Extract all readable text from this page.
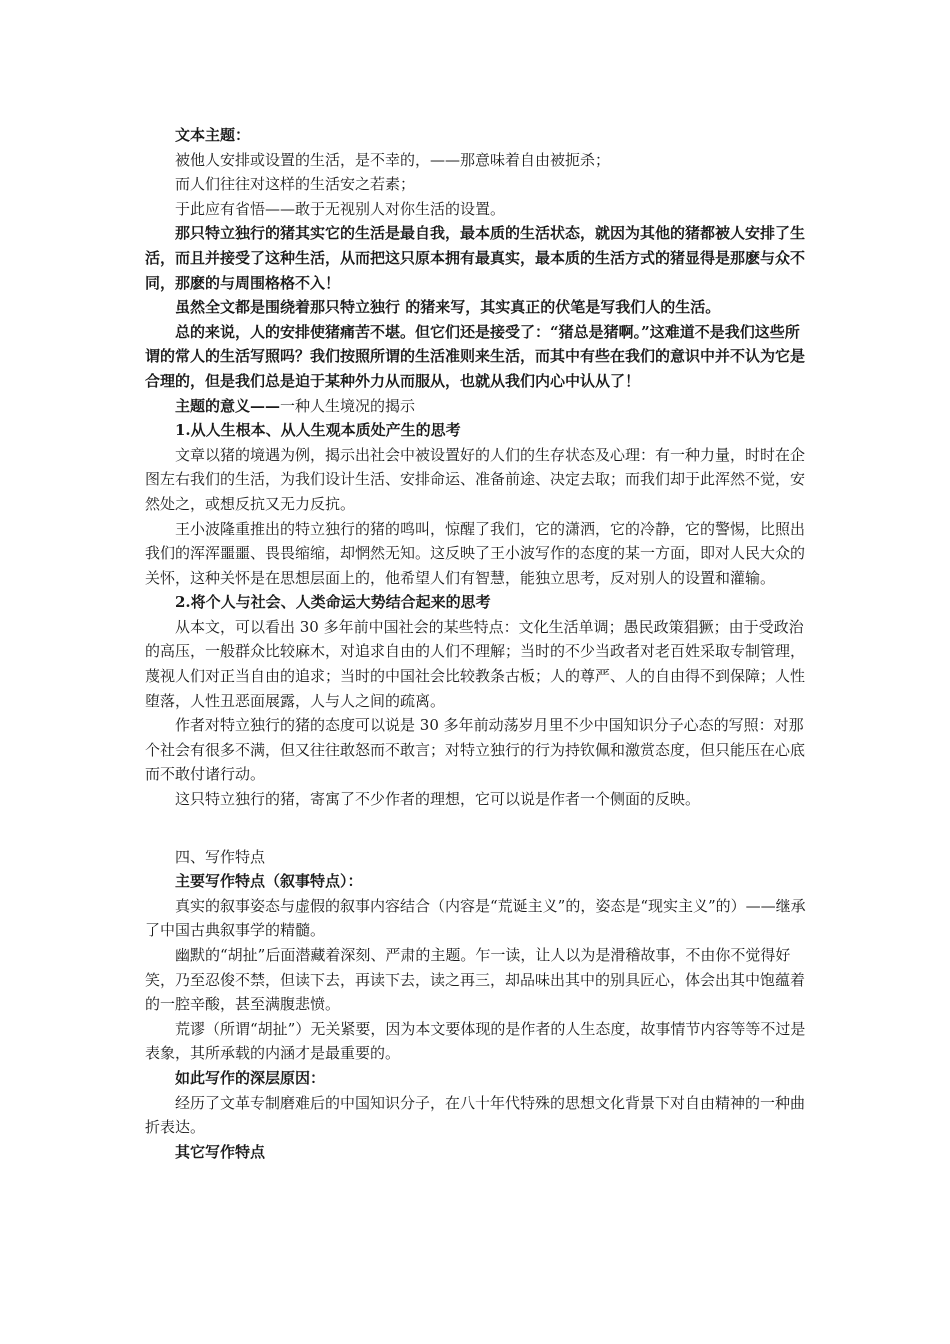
文本主题：

被他人安排或设置的生活，是不幸的，——那意味着自由被扼杀；

而人们往往对这样的生活安之若素；

于此应有省悟——敢于无视别人对你生活的设置。

那只特立独行的猪其实它的生活是最自我，最本质的生活状态，就因为其他的猪都被人安排了生活，而且并接受了这种生活，从而把这只原本拥有最真实，最本质的生活方式的猪显得是那麽与众不同，那麽的与周围格格不入！

虽然全文都是围绕着那只特立独行 的猪来写，其实真正的伏笔是写我们人的生活。

总的来说，人的安排使猪痛苦不堪。但它们还是接受了：“猪总是猪啊。”这难道不是我们这些所谓的常人的生活写照吗？我们按照所谓的生活准则来生活，而其中有些在我们的意识中并不认为它是合理的，但是我们总是迫于某种外力从而服从，也就从我们内心中认从了！

主题的意义——一种人生境况的揭示

1.从人生根本、从人生观本质处产生的思考

文章以猪的境遇为例，揭示出社会中被设置好的人们的生存状态及心理：有一种力量，时时在企图左右我们的生活，为我们设计生活、安排命运、准备前途、决定去取；而我们却于此浑然不觉，安然处之，或想反抗又无力反抗。

王小波隆重推出的特立独行的猪的鸣叫，惊醒了我们，它的潇洒，它的冷静，它的警惕，比照出我们的浑浑噩噩、畏畏缩缩，却惘然无知。这反映了王小波写作的态度的某一方面，即对人民大众的关怀，这种关怀是在思想层面上的，他希望人们有智慧，能独立思考，反对别人的设置和灌输。

2.将个人与社会、人类命运大势结合起来的思考

从本文，可以看出 30 多年前中国社会的某些特点：文化生活单调；愚民政策猖獗；由于受政治的高压，一般群众比较麻木，对追求自由的人们不理解；当时的不少当政者对老百姓采取专制管理，蔑视人们对正当自由的追求；当时的中国社会比较教条古板；人的尊严、人的自由得不到保障；人性堕落，人性丑恶面展露，人与人之间的疏离。

作者对特立独行的猪的态度可以说是 30 多年前动荡岁月里不少中国知识分子心态的写照：对那个社会有很多不满，但又往往敢怒而不敢言；对特立独行的行为持钦佩和激赏态度，但只能压在心底而不敢付诸行动。

这只特立独行的猪，寄寓了不少作者的理想，它可以说是作者一个侧面的反映。

四、写作特点

主要写作特点（叙事特点）：

真实的叙事姿态与虚假的叙事内容结合（内容是“荒诞主义”的，姿态是“现实主义”的）——继承了中国古典叙事学的精髓。

幽默的“胡扯”后面潜藏着深刻、严肃的主题。乍一读，让人以为是滑稽故事，不由你不觉得好笑，乃至忍俊不禁，但读下去，再读下去，读之再三，却品味出其中的别具匠心，体会出其中饱蕴着的一腔辛酸，甚至满腹悲愤。

荒谬（所谓“胡扯”）无关紧要，因为本文要体现的是作者的人生态度，故事情节内容等等不过是表象，其所承载的内涵才是最重要的。

如此写作的深层原因：

经历了文革专制磨难后的中国知识分子，在八十年代特殊的思想文化背景下对自由精神的一种曲折表达。

其它写作特点
